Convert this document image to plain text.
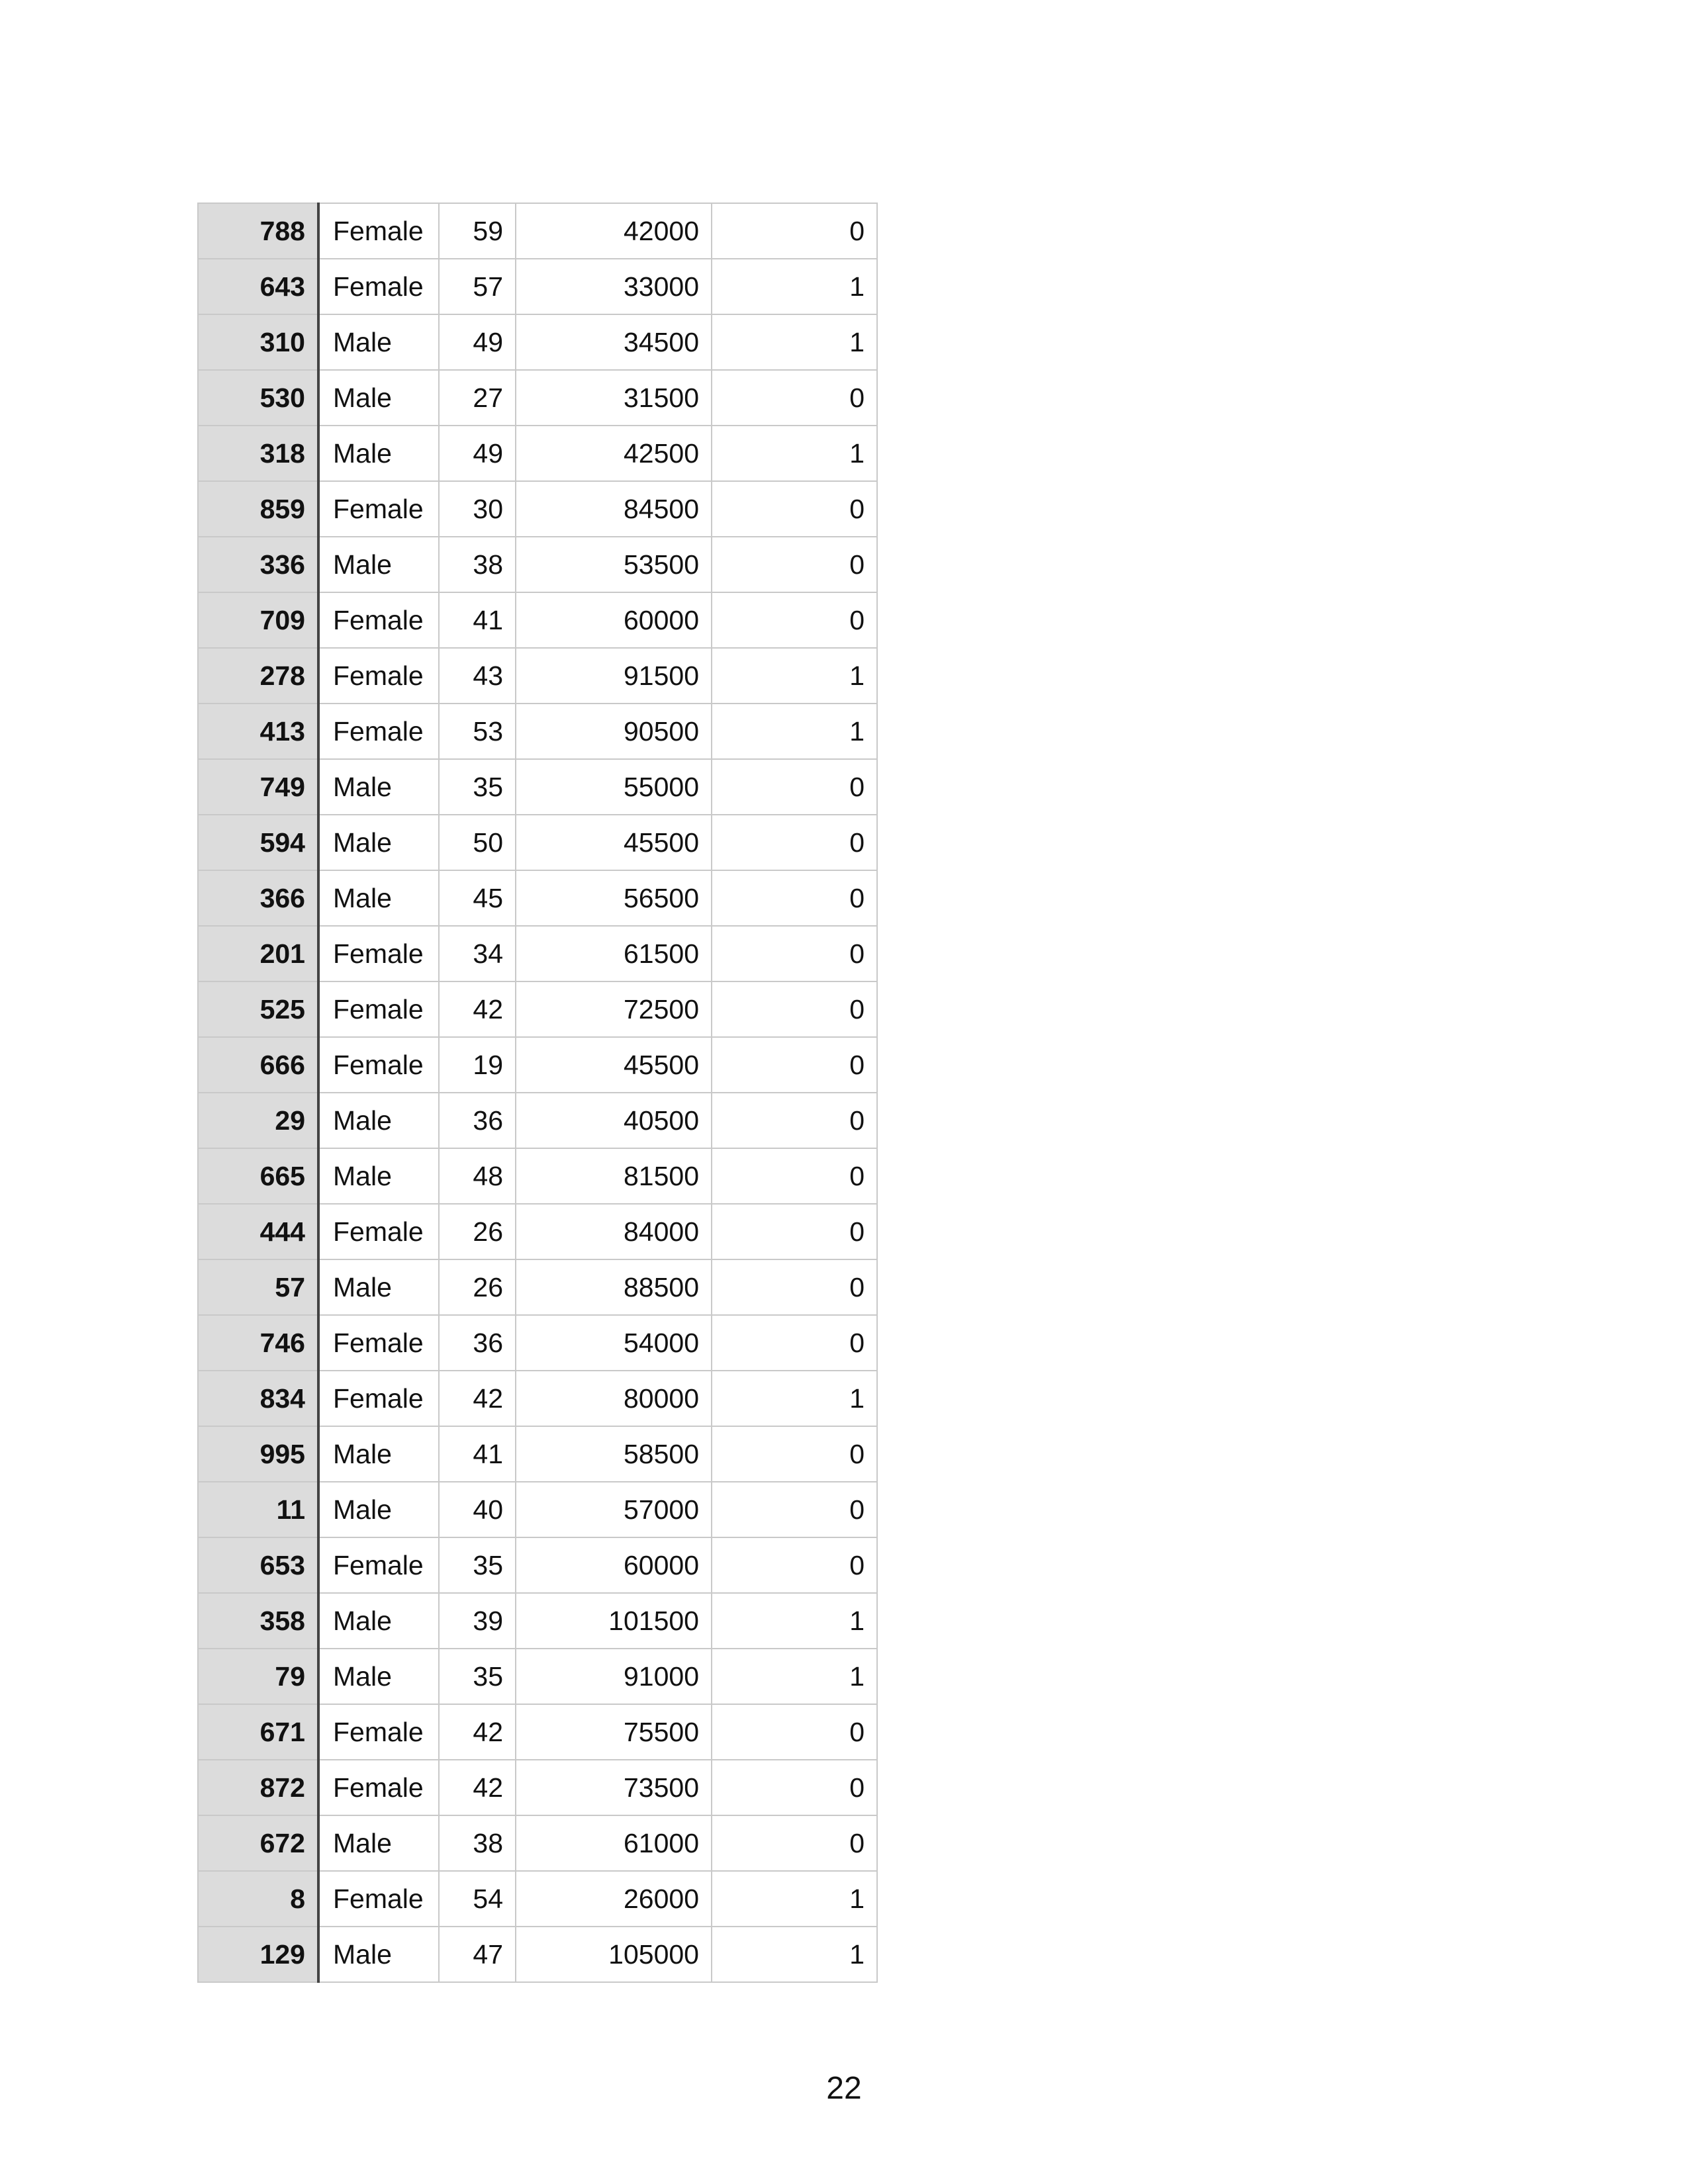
788	Female	59	42000	0
643	Female	57	33000	1
310	Male	49	34500	1
530	Male	27	31500	0
318	Male	49	42500	1
859	Female	30	84500	0
336	Male	38	53500	0
709	Female	41	60000	0
278	Female	43	91500	1
413	Female	53	90500	1
749	Male	35	55000	0
594	Male	50	45500	0
366	Male	45	56500	0
201	Female	34	61500	0
525	Female	42	72500	0
666	Female	19	45500	0
29	Male	36	40500	0
665	Male	48	81500	0
444	Female	26	84000	0
57	Male	26	88500	0
746	Female	36	54000	0
834	Female	42	80000	1
995	Male	41	58500	0
11	Male	40	57000	0
653	Female	35	60000	0
358	Male	39	101500	1
79	Male	35	91000	1
671	Female	42	75500	0
872	Female	42	73500	0
672	Male	38	61000	0
8	Female	54	26000	1
129	Male	47	105000	1
22
